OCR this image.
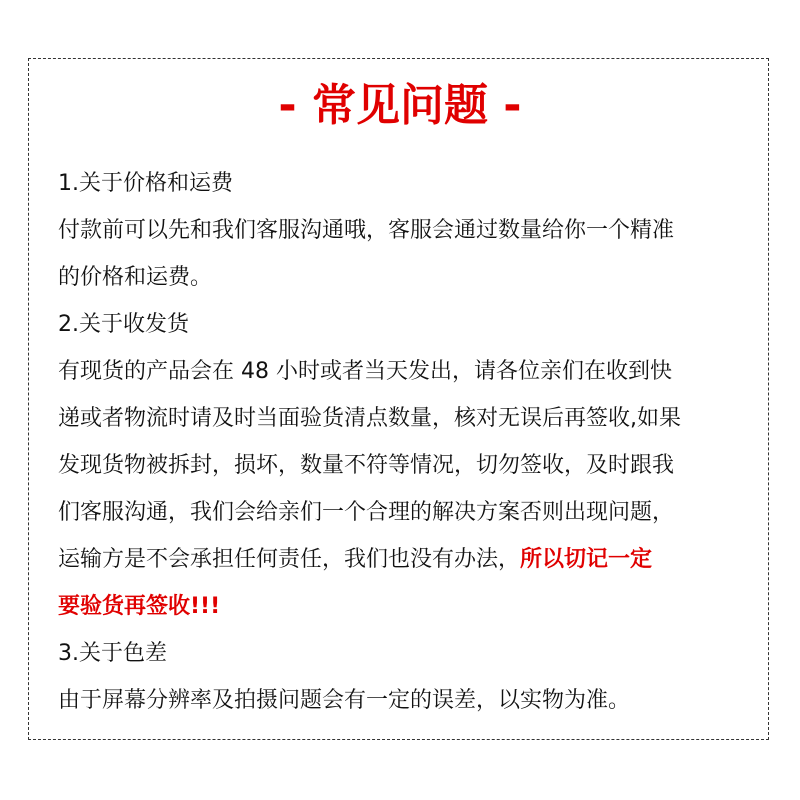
- 常见问题 -
1.关于价格和运费
付款前可以先和我们客服沟通哦，客服会通过数量给你一个精准
的价格和运费。
2.关于收发货
有现货的产品会在 48 小时或者当天发出，请各位亲们在收到快
递或者物流时请及时当面验货清点数量，核对无误后再签收,如果
发现货物被拆封，损坏，数量不符等情况，切勿签收，及时跟我
们客服沟通，我们会给亲们一个合理的解决方案否则出现问题，
运输方是不会承担任何责任，我们也没有办法，所以切记一定
要验货再签收!!!
3.关于色差
由于屏幕分辨率及拍摄问题会有一定的误差，以实物为准。
